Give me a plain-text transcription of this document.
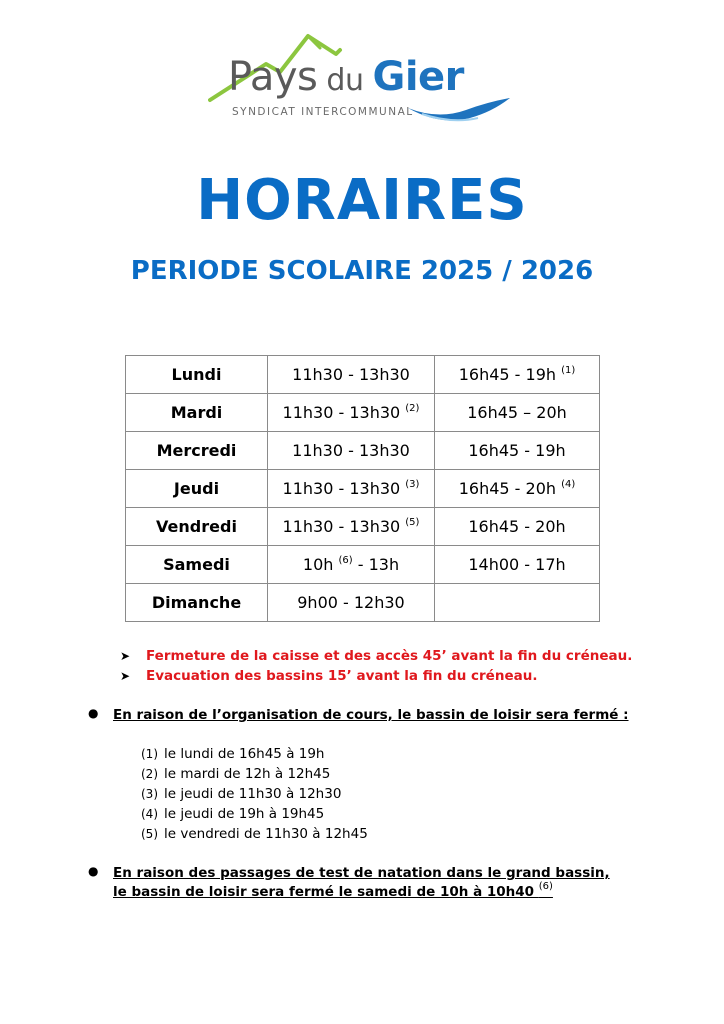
Pays du Gier
SYNDICAT INTERCOMMUNAL
HORAIRES
PERIODE SCOLAIRE 2025 / 2026
Lundi	11h30 - 13h30	16h45 - 19h $^{(1)}$
Mardi	11h30 - 13h30 $^{(2)}$	16h45 – 20h
Mercredi	11h30 - 13h30	16h45 - 19h
Jeudi	11h30 - 13h30 $^{(3)}$	16h45 - 20h $^{(4)}$
Vendredi	11h30 - 13h30 $^{(5)}$	16h45 - 20h
Samedi	10h $^{(6)}$ - 13h	14h00 - 17h
Dimanche	9h00 - 12h30	
➤ Fermeture de la caisse et des accès 45’ avant la fin du créneau.
➤ Evacuation des bassins 15’ avant la fin du créneau.
● En raison de l’organisation de cours, le bassin de loisir sera fermé :
(1) le lundi de 16h45 à 19h
(2) le mardi de 12h à 12h45
(3) le jeudi de 11h30 à 12h30
(4) le jeudi de 19h à 19h45
(5) le vendredi de 11h30 à 12h45
● En raison des passages de test de natation dans le grand bassin,
le bassin de loisir sera fermé le samedi de 10h à 10h40 $^{(6)}$
